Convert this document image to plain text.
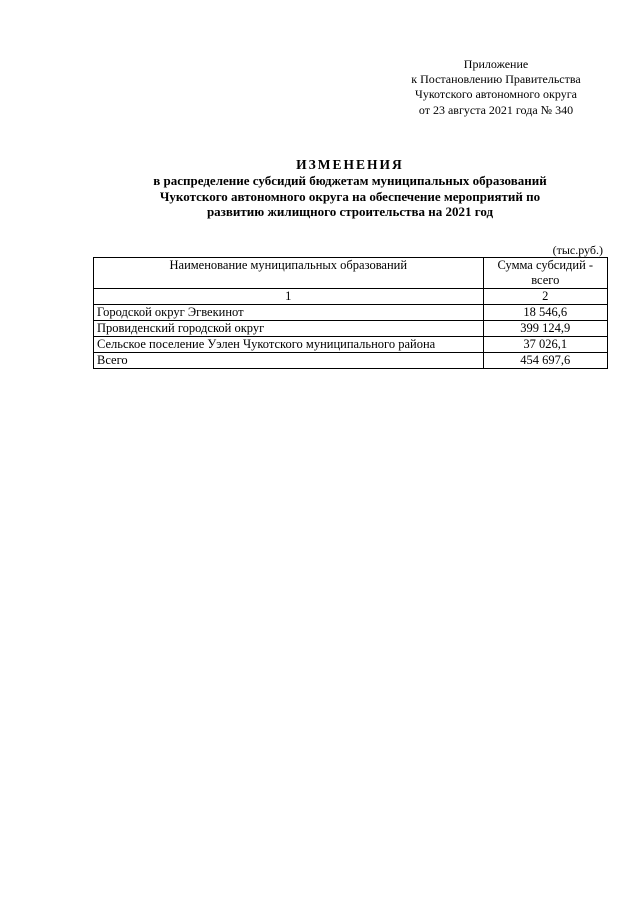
Приложение
к Постановлению Правительства
Чукотского автономного округа
от 23 августа 2021 года № 340
ИЗМЕНЕНИЯ
в распределение субсидий бюджетам муниципальных образований
Чукотского автономного округа на обеспечение мероприятий по
развитию жилищного строительства на 2021 год
(тыс.руб.)
Наименование муниципальных образований	Сумма субсидий - всего
1	2
Городской округ Эгвекинот	18 546,6
Провиденский городской округ	399 124,9
Сельское поселение Уэлен Чукотского муниципального района	37 026,1
Всего	454 697,6
